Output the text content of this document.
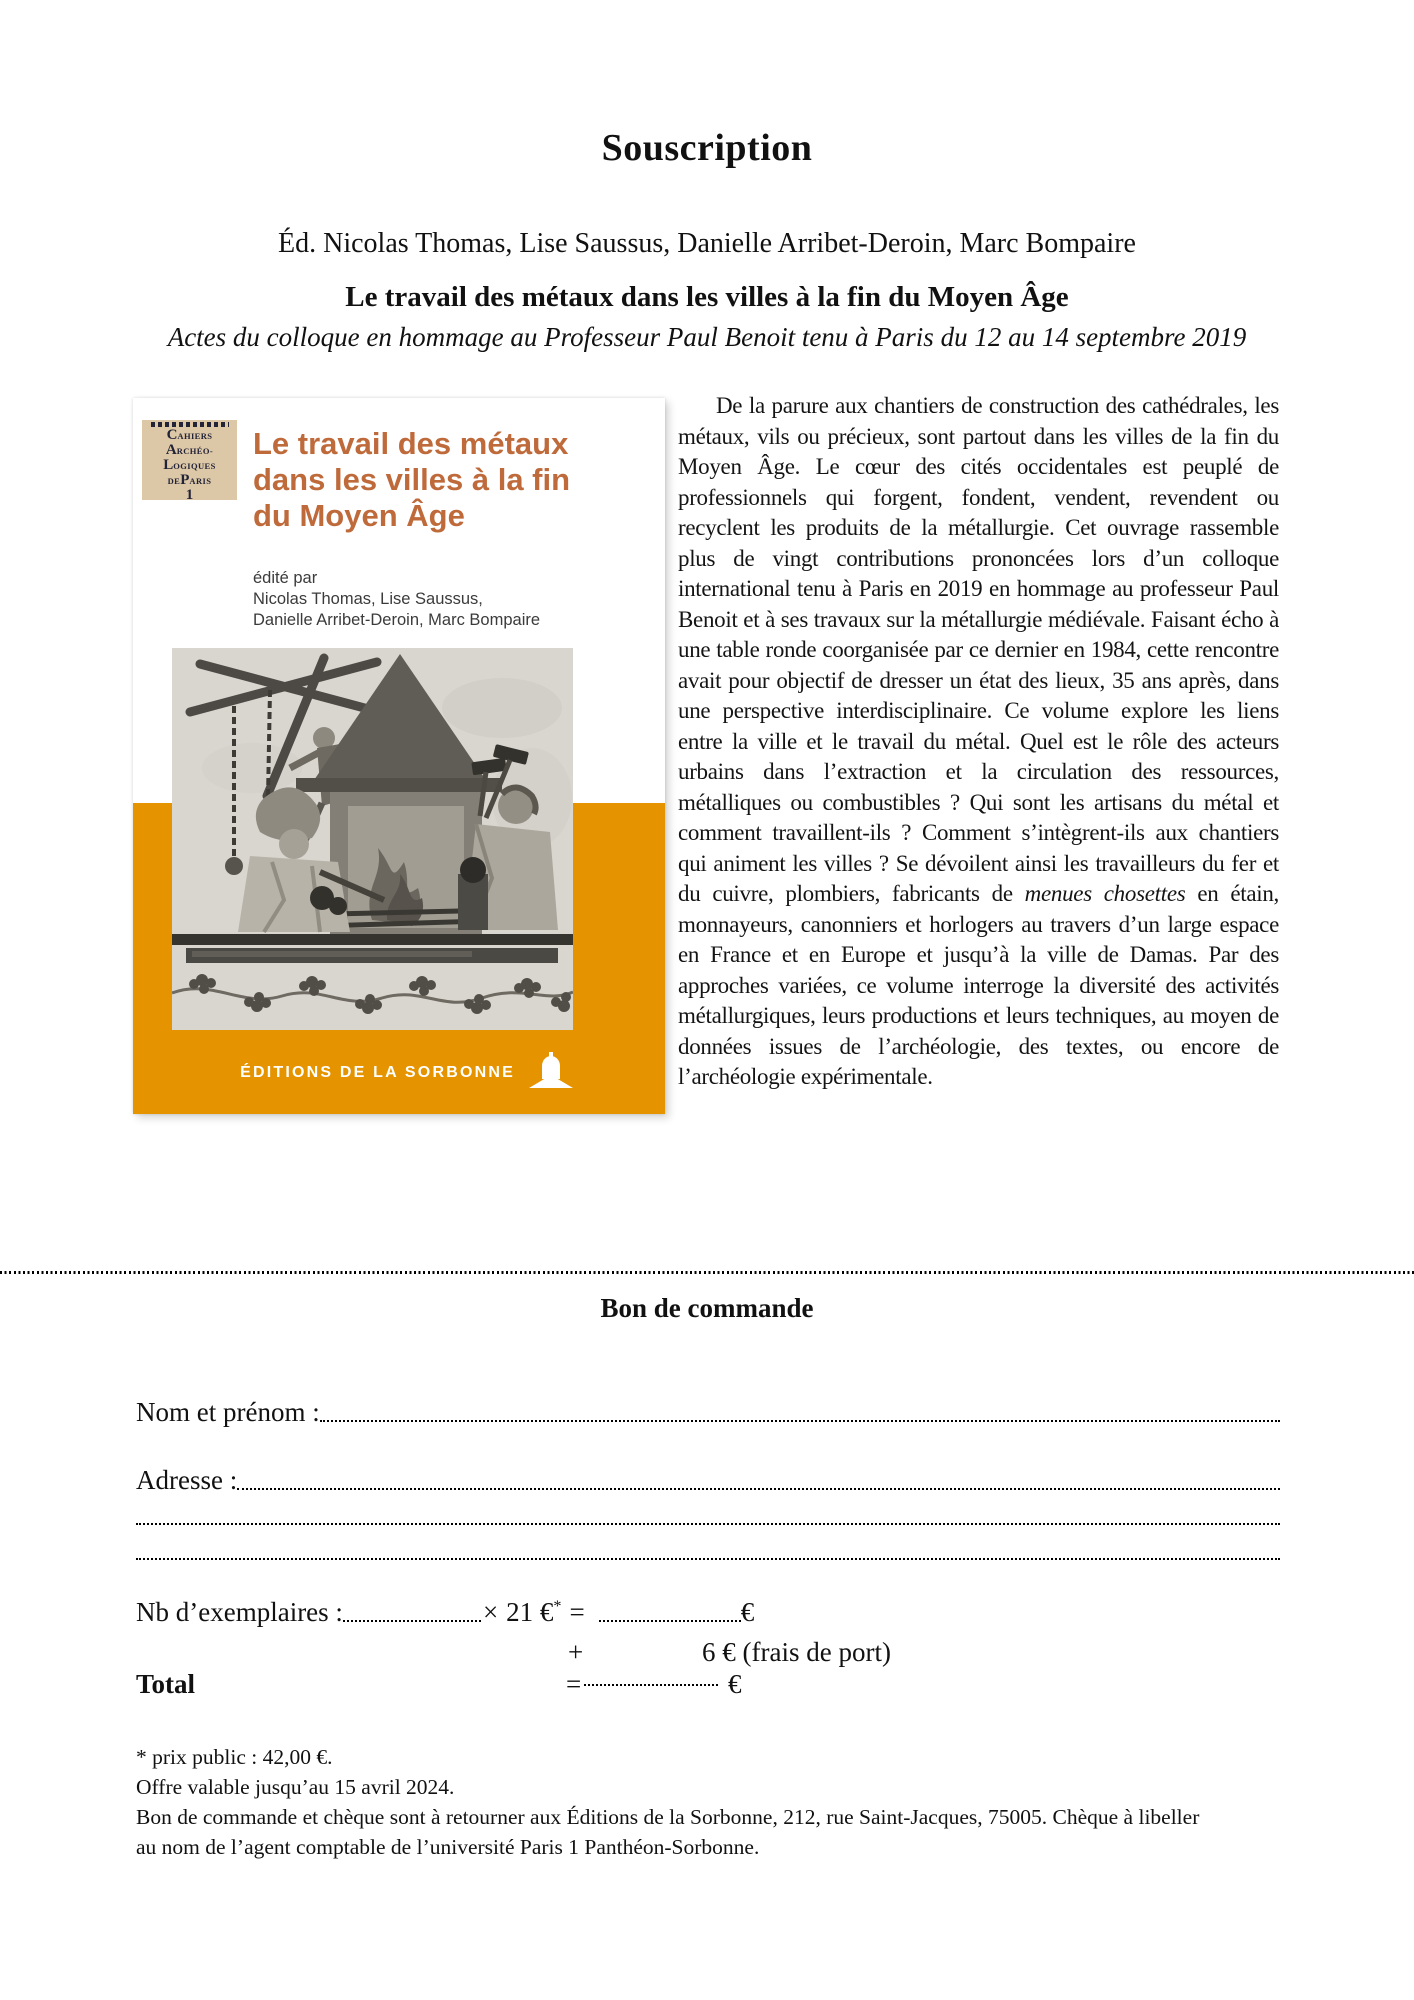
Souscription
Éd. Nicolas Thomas, Lise Saussus, Danielle Arribet-Deroin, Marc Bompaire
Le travail des métaux dans les villes à la fin du Moyen Âge
Actes du colloque en hommage au Professeur Paul Benoit tenu à Paris du 12 au 14 septembre 2019
CAHIERS
ARCHÉO-
LOGIQUES
DEPARIS
1
Le travail des métaux
dans les villes à la fin
du Moyen Âge
édité par
Nicolas Thomas, Lise Saussus,
Danielle Arribet-Deroin, Marc Bompaire
ÉDITIONS DE LA SORBONNE
De la parure aux chantiers de construction des cathédrales, les métaux, vils ou précieux, sont partout dans les villes de la fin du Moyen Âge. Le cœur des cités occidentales est peuplé de professionnels qui forgent, fondent, vendent, revendent ou recyclent les produits de la métallurgie. Cet ouvrage rassemble plus de vingt contributions prononcées lors d’un colloque international tenu à Paris en 2019 en hommage au professeur Paul Benoit et à ses travaux sur la métallurgie médiévale. Faisant écho à une table ronde coorganisée par ce dernier en 1984, cette rencontre avait pour objectif de dresser un état des lieux, 35 ans après, dans une perspective interdisciplinaire. Ce volume explore les liens entre la ville et le travail du métal. Quel est le rôle des acteurs urbains dans l’extraction et la circulation des ressources, métalliques ou combustibles ? Qui sont les artisans du métal et comment travaillent-ils ? Comment s’intègrent-ils aux chantiers qui animent les villes ? Se dévoilent ainsi les travailleurs du fer et du cuivre, plombiers, fabricants de menues chosettes en étain, monnayeurs, canonniers et horlogers au travers d’un large espace en France et en Europe et jusqu’à la ville de Damas. Par des approches variées, ce volume interroge la diversité des activités métallurgiques, leurs productions et leurs techniques, au moyen de données issues de l’archéologie, des textes, ou encore de l’archéologie expérimentale.
Bon de commande
Nom et prénom :
Adresse :
Nb d’exemplaires :	× 21 €* =	€
+	6 € (frais de port)
Total	=	€
* prix public : 42,00 €.
Offre valable jusqu’au 15 avril 2024.
Bon de commande et chèque sont à retourner aux Éditions de la Sorbonne, 212, rue Saint-Jacques, 75005. Chèque à libeller
au nom de l’agent comptable de l’université Paris 1 Panthéon-Sorbonne.
